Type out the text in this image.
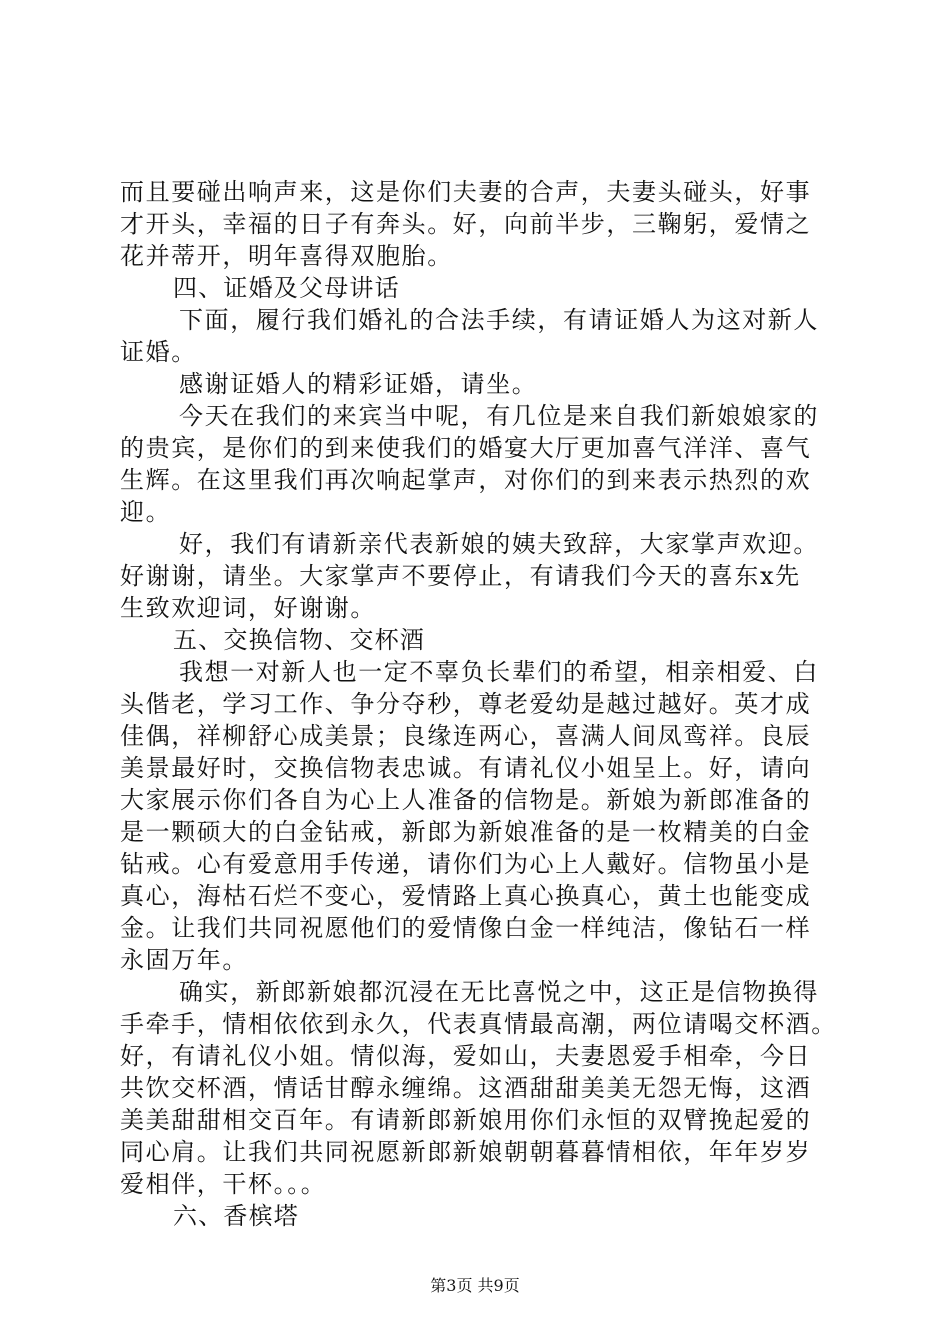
而且要碰出响声来，这是你们夫妻的合声，夫妻头碰头，好事
才开头，幸福的日子有奔头。好，向前半步，三鞠躬，爱情之
花并蒂开，明年喜得双胞胎。
四、证婚及父母讲话
下面，履行我们婚礼的合法手续，有请证婚人为这对新人
证婚。
感谢证婚人的精彩证婚，请坐。
今天在我们的来宾当中呢，有几位是来自我们新娘娘家的
的贵宾，是你们的到来使我们的婚宴大厅更加喜气洋洋、喜气
生辉。在这里我们再次响起掌声，对你们的到来表示热烈的欢
迎。
好，我们有请新亲代表新娘的姨夫致辞，大家掌声欢迎。
好谢谢，请坐。大家掌声不要停止，有请我们今天的喜东x先
生致欢迎词，好谢谢。
五、交换信物、交杯酒
我想一对新人也一定不辜负长辈们的希望，相亲相爱、白
头偕老，学习工作、争分夺秒，尊老爱幼是越过越好。英才成
佳偶，祥柳舒心成美景；良缘连两心，喜满人间凤鸾祥。良辰
美景最好时，交换信物表忠诚。有请礼仪小姐呈上。好，请向
大家展示你们各自为心上人准备的信物是。新娘为新郎准备的
是一颗硕大的白金钻戒，新郎为新娘准备的是一枚精美的白金
钻戒。心有爱意用手传递，请你们为心上人戴好。信物虽小是
真心，海枯石烂不变心，爱情路上真心换真心，黄土也能变成
金。让我们共同祝愿他们的爱情像白金一样纯洁，像钻石一样
永固万年。
确实，新郎新娘都沉浸在无比喜悦之中，这正是信物换得
手牵手，情相依依到永久，代表真情最高潮，两位请喝交杯酒。
好，有请礼仪小姐。情似海，爱如山，夫妻恩爱手相牵，今日
共饮交杯酒，情话甘醇永缠绵。这酒甜甜美美无怨无悔，这酒
美美甜甜相交百年。有请新郎新娘用你们永恒的双臂挽起爱的
同心肩。让我们共同祝愿新郎新娘朝朝暮暮情相依，年年岁岁
爱相伴，干杯。。。
六、香槟塔
第3页 共9页
